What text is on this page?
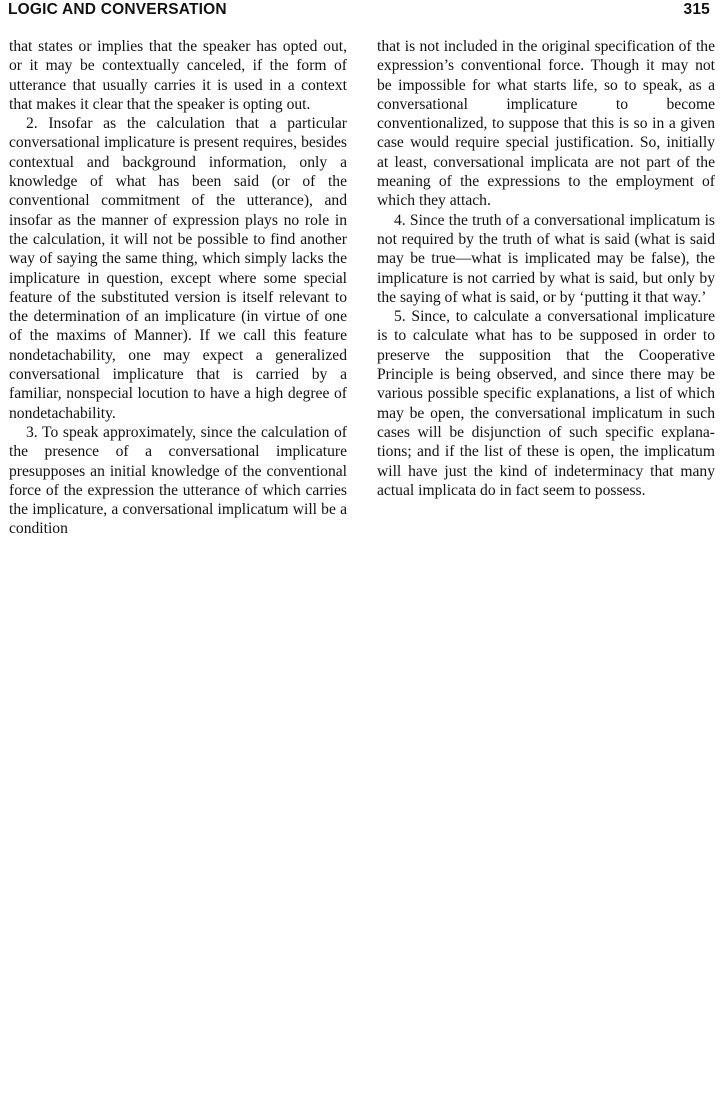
LOGIC AND CONVERSATION	315

that states or implies that the speaker has opted out, or it may be contextually canceled, if the form of utterance that usually carries it is used in a context that makes it clear that the speaker is opting out.

2. Insofar as the calculation that a particular conversational implicature is present requires, besides contextual and background information, only a knowledge of what has been said (or of the conventional commitment of the utterance), and insofar as the manner of expression plays no role in the calculation, it will not be possible to find another way of saying the same thing, which simply lacks the implicature in question, except where some special feature of the substituted version is itself relevant to the determination of an implicature (in virtue of one of the maxims of Manner). If we call this feature nondetachability, one may expect a generalized conversational implicature that is carried by a familiar, nonspecial locution to have a high degree of nondetachability.

3. To speak approximately, since the calculation of the presence of a conversational implicature presupposes an initial knowledge of the conventional force of the expression the utterance of which carries the implicature, a conversational implicatum will be a condition

that is not included in the original specification of the expression’s conventional force. Though it may not be impossible for what starts life, so to speak, as a conversational implicature to become conventionalized, to suppose that this is so in a given case would require special justification. So, initially at least, conversational implicata are not part of the meaning of the expressions to the employment of which they attach.

4. Since the truth of a conversational implicatum is not required by the truth of what is said (what is said may be true—what is implicated may be false), the implicature is not carried by what is said, but only by the saying of what is said, or by ‘putting it that way.’

5. Since, to calculate a conversational implicature is to calculate what has to be supposed in order to preserve the supposition that the Cooperative Principle is being observed, and since there may be various possible specific explanations, a list of which may be open, the conversational implicatum in such cases will be disjunction of such specific explanations; and if the list of these is open, the implicatum will have just the kind of indeterminacy that many actual implicata do in fact seem to possess.
